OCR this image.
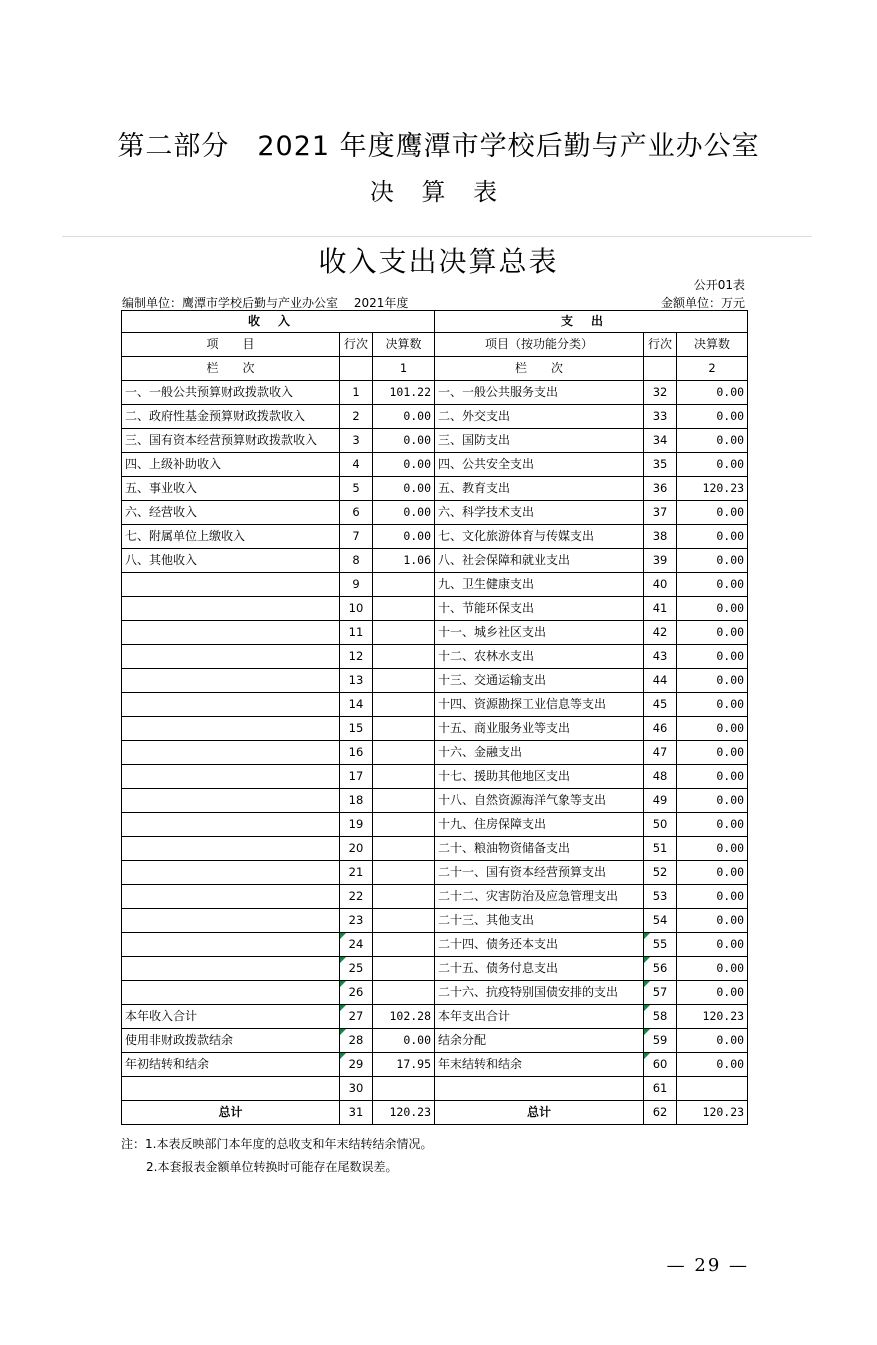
第二部分　2021 年度鹰潭市学校后勤与产业办公室
决 算 表
收入支出决算总表
公开01表
编制单位：鹰潭市学校后勤与产业办公室　 2021年度	金额单位：万元
收入			支出		
项　　目	行次	决算数	项目（按功能分类）	行次	决算数
栏　　次		1	栏　　次		2
一、一般公共预算财政拨款收入	1	101.22	一、一般公共服务支出	32	0.00
二、政府性基金预算财政拨款收入	2	0.00	二、外交支出	33	0.00
三、国有资本经营预算财政拨款收入	3	0.00	三、国防支出	34	0.00
四、上级补助收入	4	0.00	四、公共安全支出	35	0.00
五、事业收入	5	0.00	五、教育支出	36	120.23
六、经营收入	6	0.00	六、科学技术支出	37	0.00
七、附属单位上缴收入	7	0.00	七、文化旅游体育与传媒支出	38	0.00
八、其他收入	8	1.06	八、社会保障和就业支出	39	0.00
	9		九、卫生健康支出	40	0.00
	10		十、节能环保支出	41	0.00
	11		十一、城乡社区支出	42	0.00
	12		十二、农林水支出	43	0.00
	13		十三、交通运输支出	44	0.00
	14		十四、资源勘探工业信息等支出	45	0.00
	15		十五、商业服务业等支出	46	0.00
	16		十六、金融支出	47	0.00
	17		十七、援助其他地区支出	48	0.00
	18		十八、自然资源海洋气象等支出	49	0.00
	19		十九、住房保障支出	50	0.00
	20		二十、粮油物资储备支出	51	0.00
	21		二十一、国有资本经营预算支出	52	0.00
	22		二十二、灾害防治及应急管理支出	53	0.00
	23		二十三、其他支出	54	0.00
	24		二十四、债务还本支出	55	0.00
	25		二十五、债务付息支出	56	0.00
	26		二十六、抗疫特别国债安排的支出	57	0.00
本年收入合计	27	102.28	本年支出合计	58	120.23
使用非财政拨款结余	28	0.00	结余分配	59	0.00
年初结转和结余	29	17.95	年末结转和结余	60	0.00
	30			61	
总计	31	120.23	总计	62	120.23
注：1.本表反映部门本年度的总收支和年末结转结余情况。
2.本套报表金额单位转换时可能存在尾数误差。
— 29 —
